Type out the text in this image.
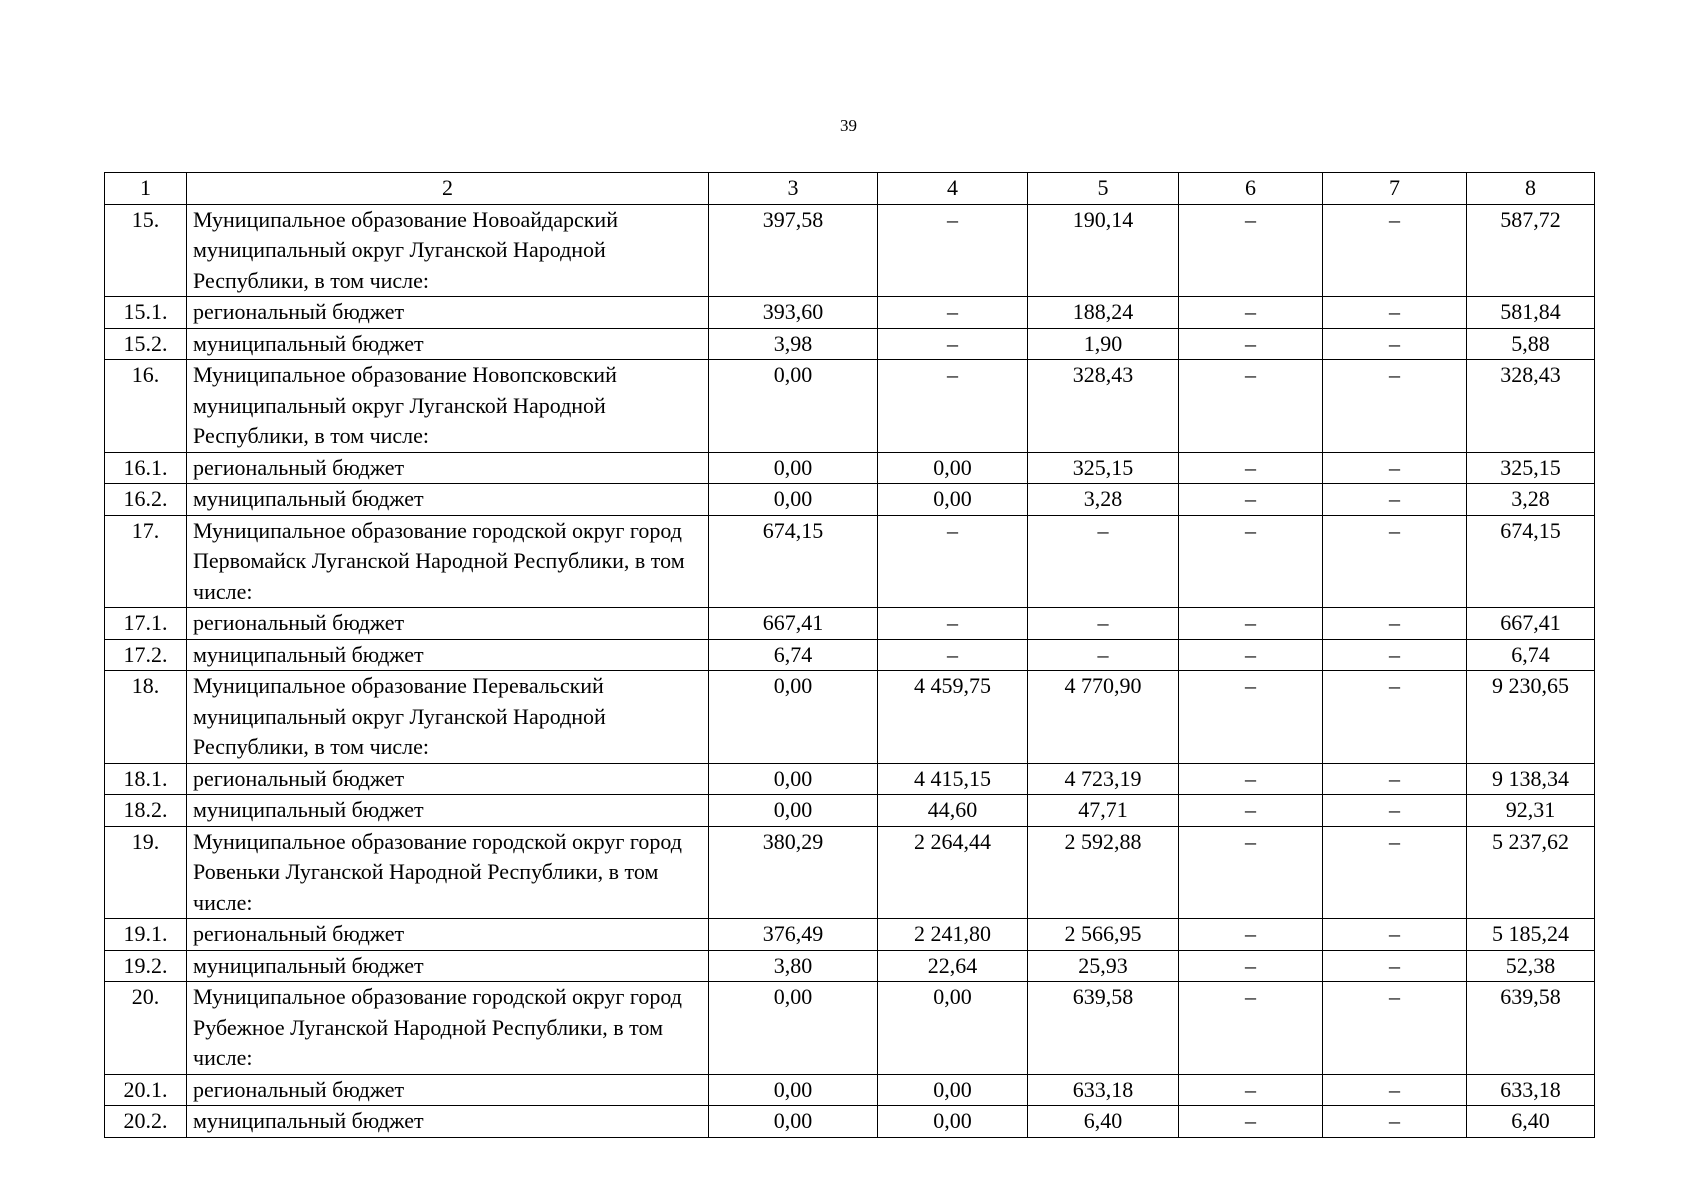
39
1	2	3	4	5	6	7	8
15.	Муниципальное образование Новоайдарский муниципальный округ Луганской Народной Республики, в том числе:	397,58	–	190,14	–	–	587,72
15.1.	региональный бюджет	393,60	–	188,24	–	–	581,84
15.2.	муниципальный бюджет	3,98	–	1,90	–	–	5,88
16.	Муниципальное образование Новопсковский муниципальный округ Луганской Народной Республики, в том числе:	0,00	–	328,43	–	–	328,43
16.1.	региональный бюджет	0,00	0,00	325,15	–	–	325,15
16.2.	муниципальный бюджет	0,00	0,00	3,28	–	–	3,28
17.	Муниципальное образование городской округ город Первомайск Луганской Народной Республики, в том числе:	674,15	–	–	–	–	674,15
17.1.	региональный бюджет	667,41	–	–	–	–	667,41
17.2.	муниципальный бюджет	6,74	–	–	–	–	6,74
18.	Муниципальное образование Перевальский муниципальный округ Луганской Народной Республики, в том числе:	0,00	4 459,75	4 770,90	–	–	9 230,65
18.1.	региональный бюджет	0,00	4 415,15	4 723,19	–	–	9 138,34
18.2.	муниципальный бюджет	0,00	44,60	47,71	–	–	92,31
19.	Муниципальное образование городской округ город Ровеньки Луганской Народной Республики, в том числе:	380,29	2 264,44	2 592,88	–	–	5 237,62
19.1.	региональный бюджет	376,49	2 241,80	2 566,95	–	–	5 185,24
19.2.	муниципальный бюджет	3,80	22,64	25,93	–	–	52,38
20.	Муниципальное образование городской округ город Рубежное Луганской Народной Республики, в том числе:	0,00	0,00	639,58	–	–	639,58
20.1.	региональный бюджет	0,00	0,00	633,18	–	–	633,18
20.2.	муниципальный бюджет	0,00	0,00	6,40	–	–	6,40
